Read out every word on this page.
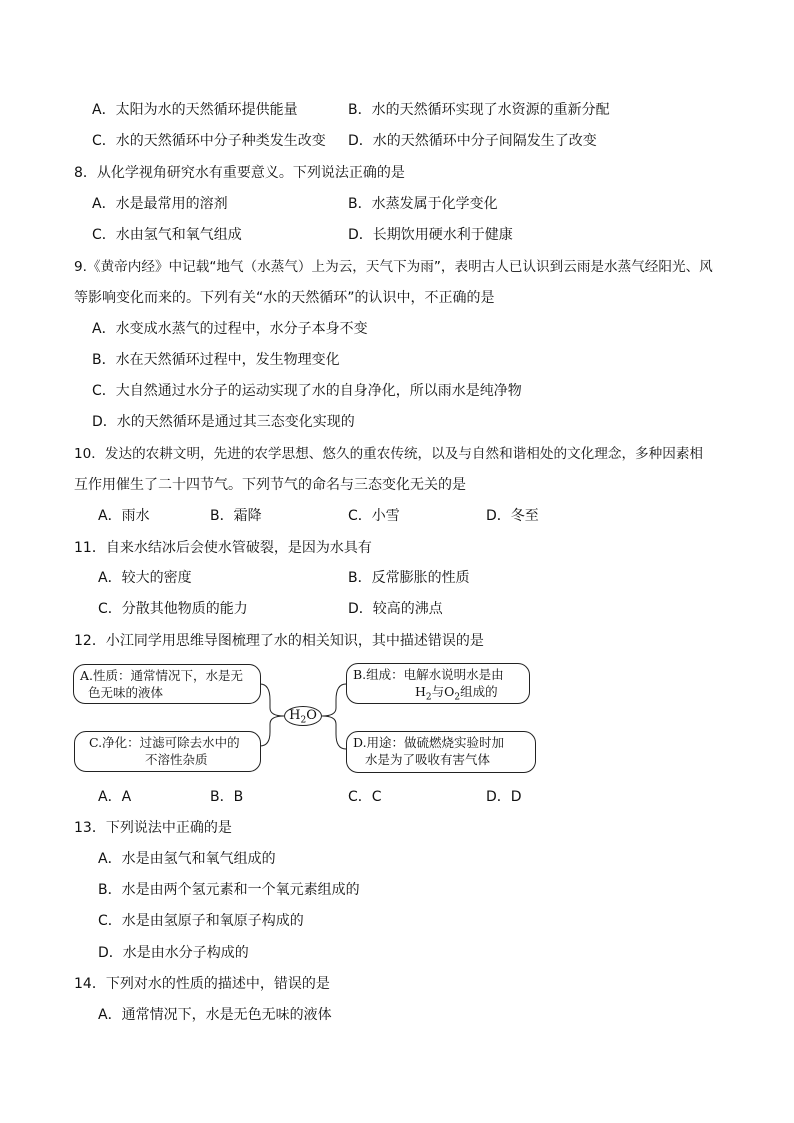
A．太阳为水的天然循环提供能量	B．水的天然循环实现了水资源的重新分配
C．水的天然循环中分子种类发生改变 D．水的天然循环中分子间隔发生了改变
8．从化学视角研究水有重要意义。下列说法正确的是
A．水是最常用的溶剂	B．水蒸发属于化学变化
C．水由氢气和氧气组成	D．长期饮用硬水利于健康
9.《黄帝内经》中记载“地气（水蒸气）上为云，天气下为雨”，表明古人已认识到云雨是水蒸气经阳光、风
等影响变化而来的。下列有关“水的天然循环”的认识中，不正确的是
A．水变成水蒸气的过程中，水分子本身不变
B．水在天然循环过程中，发生物理变化
C．大自然通过水分子的运动实现了水的自身净化，所以雨水是纯净物
D．水的天然循环是通过其三态变化实现的
10．发达的农耕文明，先进的农学思想、悠久的重农传统，以及与自然和谐相处的文化理念，多种因素相
互作用催生了二十四节气。下列节气的命名与三态变化无关的是
A．雨水	B．霜降	C．小雪	D．冬至
11．自来水结冰后会使水管破裂，是因为水具有
A．较大的密度	B．反常膨胀的性质
C．分散其他物质的能力	D．较高的沸点
12．小江同学用思维导图梳理了水的相关知识，其中描述错误的是
A.性质：通常情况下，水是无
色无味的液体
B.组成：电解水说明水是由
$H_2$与$O_2$组成的
$H_2O$
C.净化：过滤可除去水中的
不溶性杂质
D.用途：做硫燃烧实验时加
水是为了吸收有害气体
A．A	B．B	C．C	D．D
13．下列说法中正确的是
A．水是由氢气和氧气组成的
B．水是由两个氢元素和一个氧元素组成的
C．水是由氢原子和氧原子构成的
D．水是由水分子构成的
14．下列对水的性质的描述中，错误的是
A．通常情况下，水是无色无味的液体
